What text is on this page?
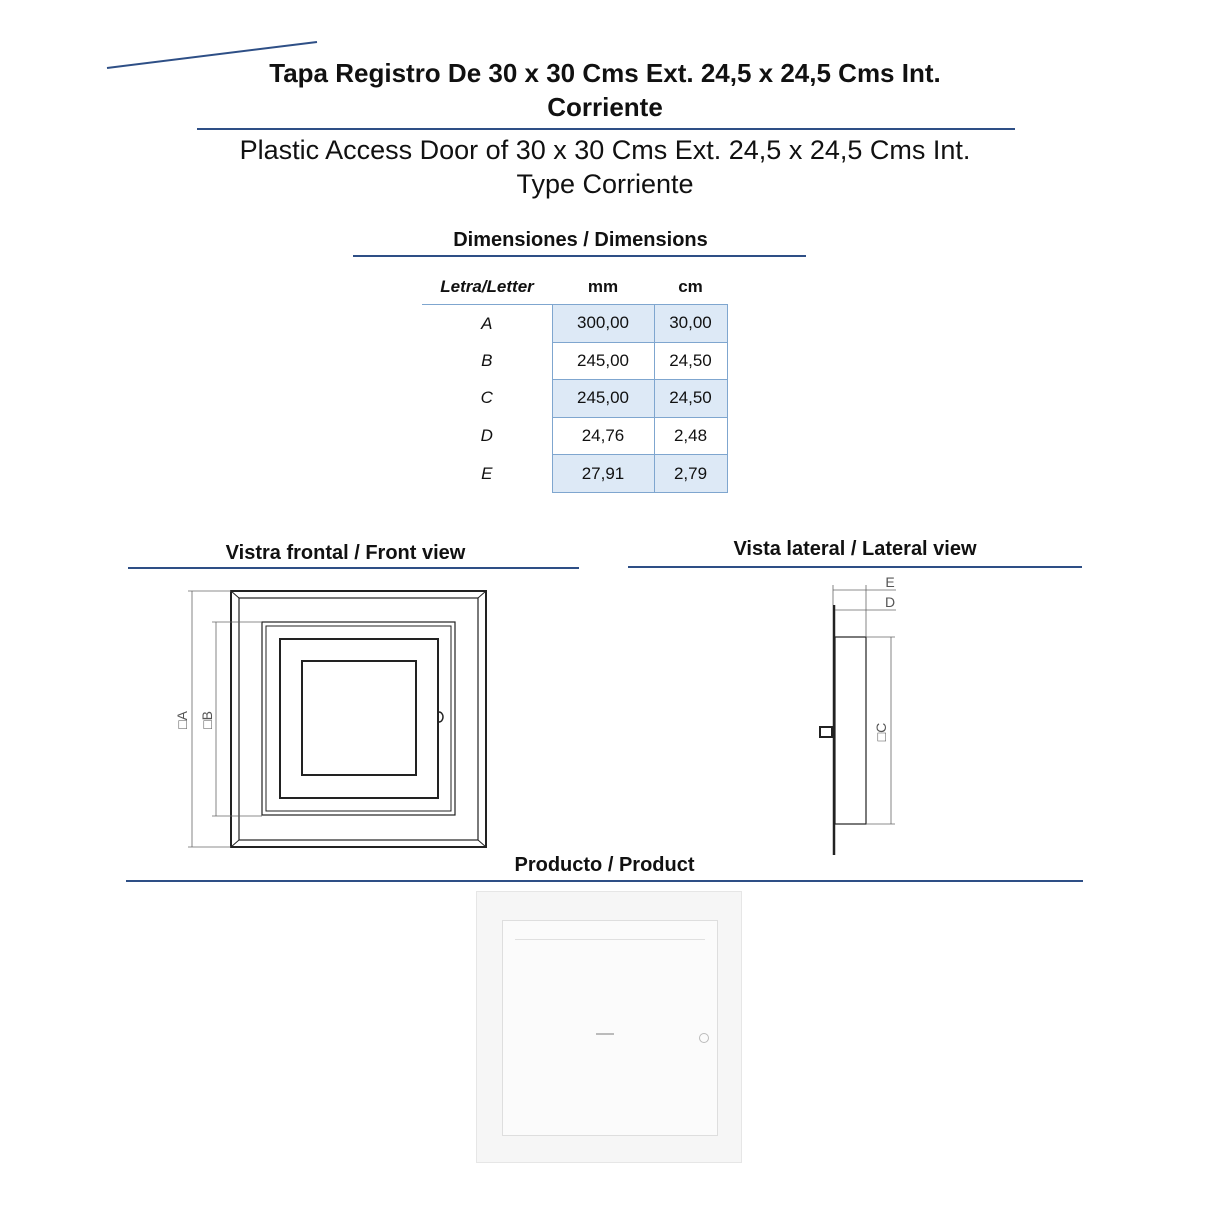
Tapa Registro De 30 x 30 Cms Ext. 24,5 x 24,5 Cms Int.
Corriente
Plastic Access Door of 30 x 30 Cms Ext. 24,5 x 24,5 Cms Int.
Type Corriente
Dimensiones / Dimensions
Letra/Letter	mm	cm
A	300,00	30,00
B	245,00	24,50
C	245,00	24,50
D	24,76	2,48
E	27,91	2,79
Vistra frontal / Front view	Vista lateral / Lateral view
□A □B
E
D
□C
Producto / Product
